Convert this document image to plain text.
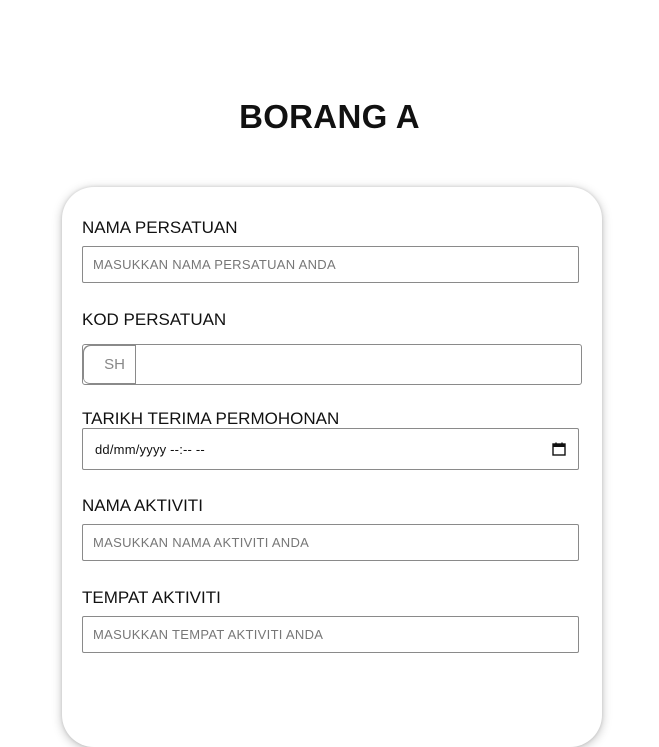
BORANG A
NAMA PERSATUAN
MASUKKAN NAMA PERSATUAN ANDA
KOD PERSATUAN
SH
TARIKH TERIMA PERMOHONAN
dd/mm/yyyy --:-- --
NAMA AKTIVITI
MASUKKAN NAMA AKTIVITI ANDA
TEMPAT AKTIVITI
MASUKKAN TEMPAT AKTIVITI ANDA
